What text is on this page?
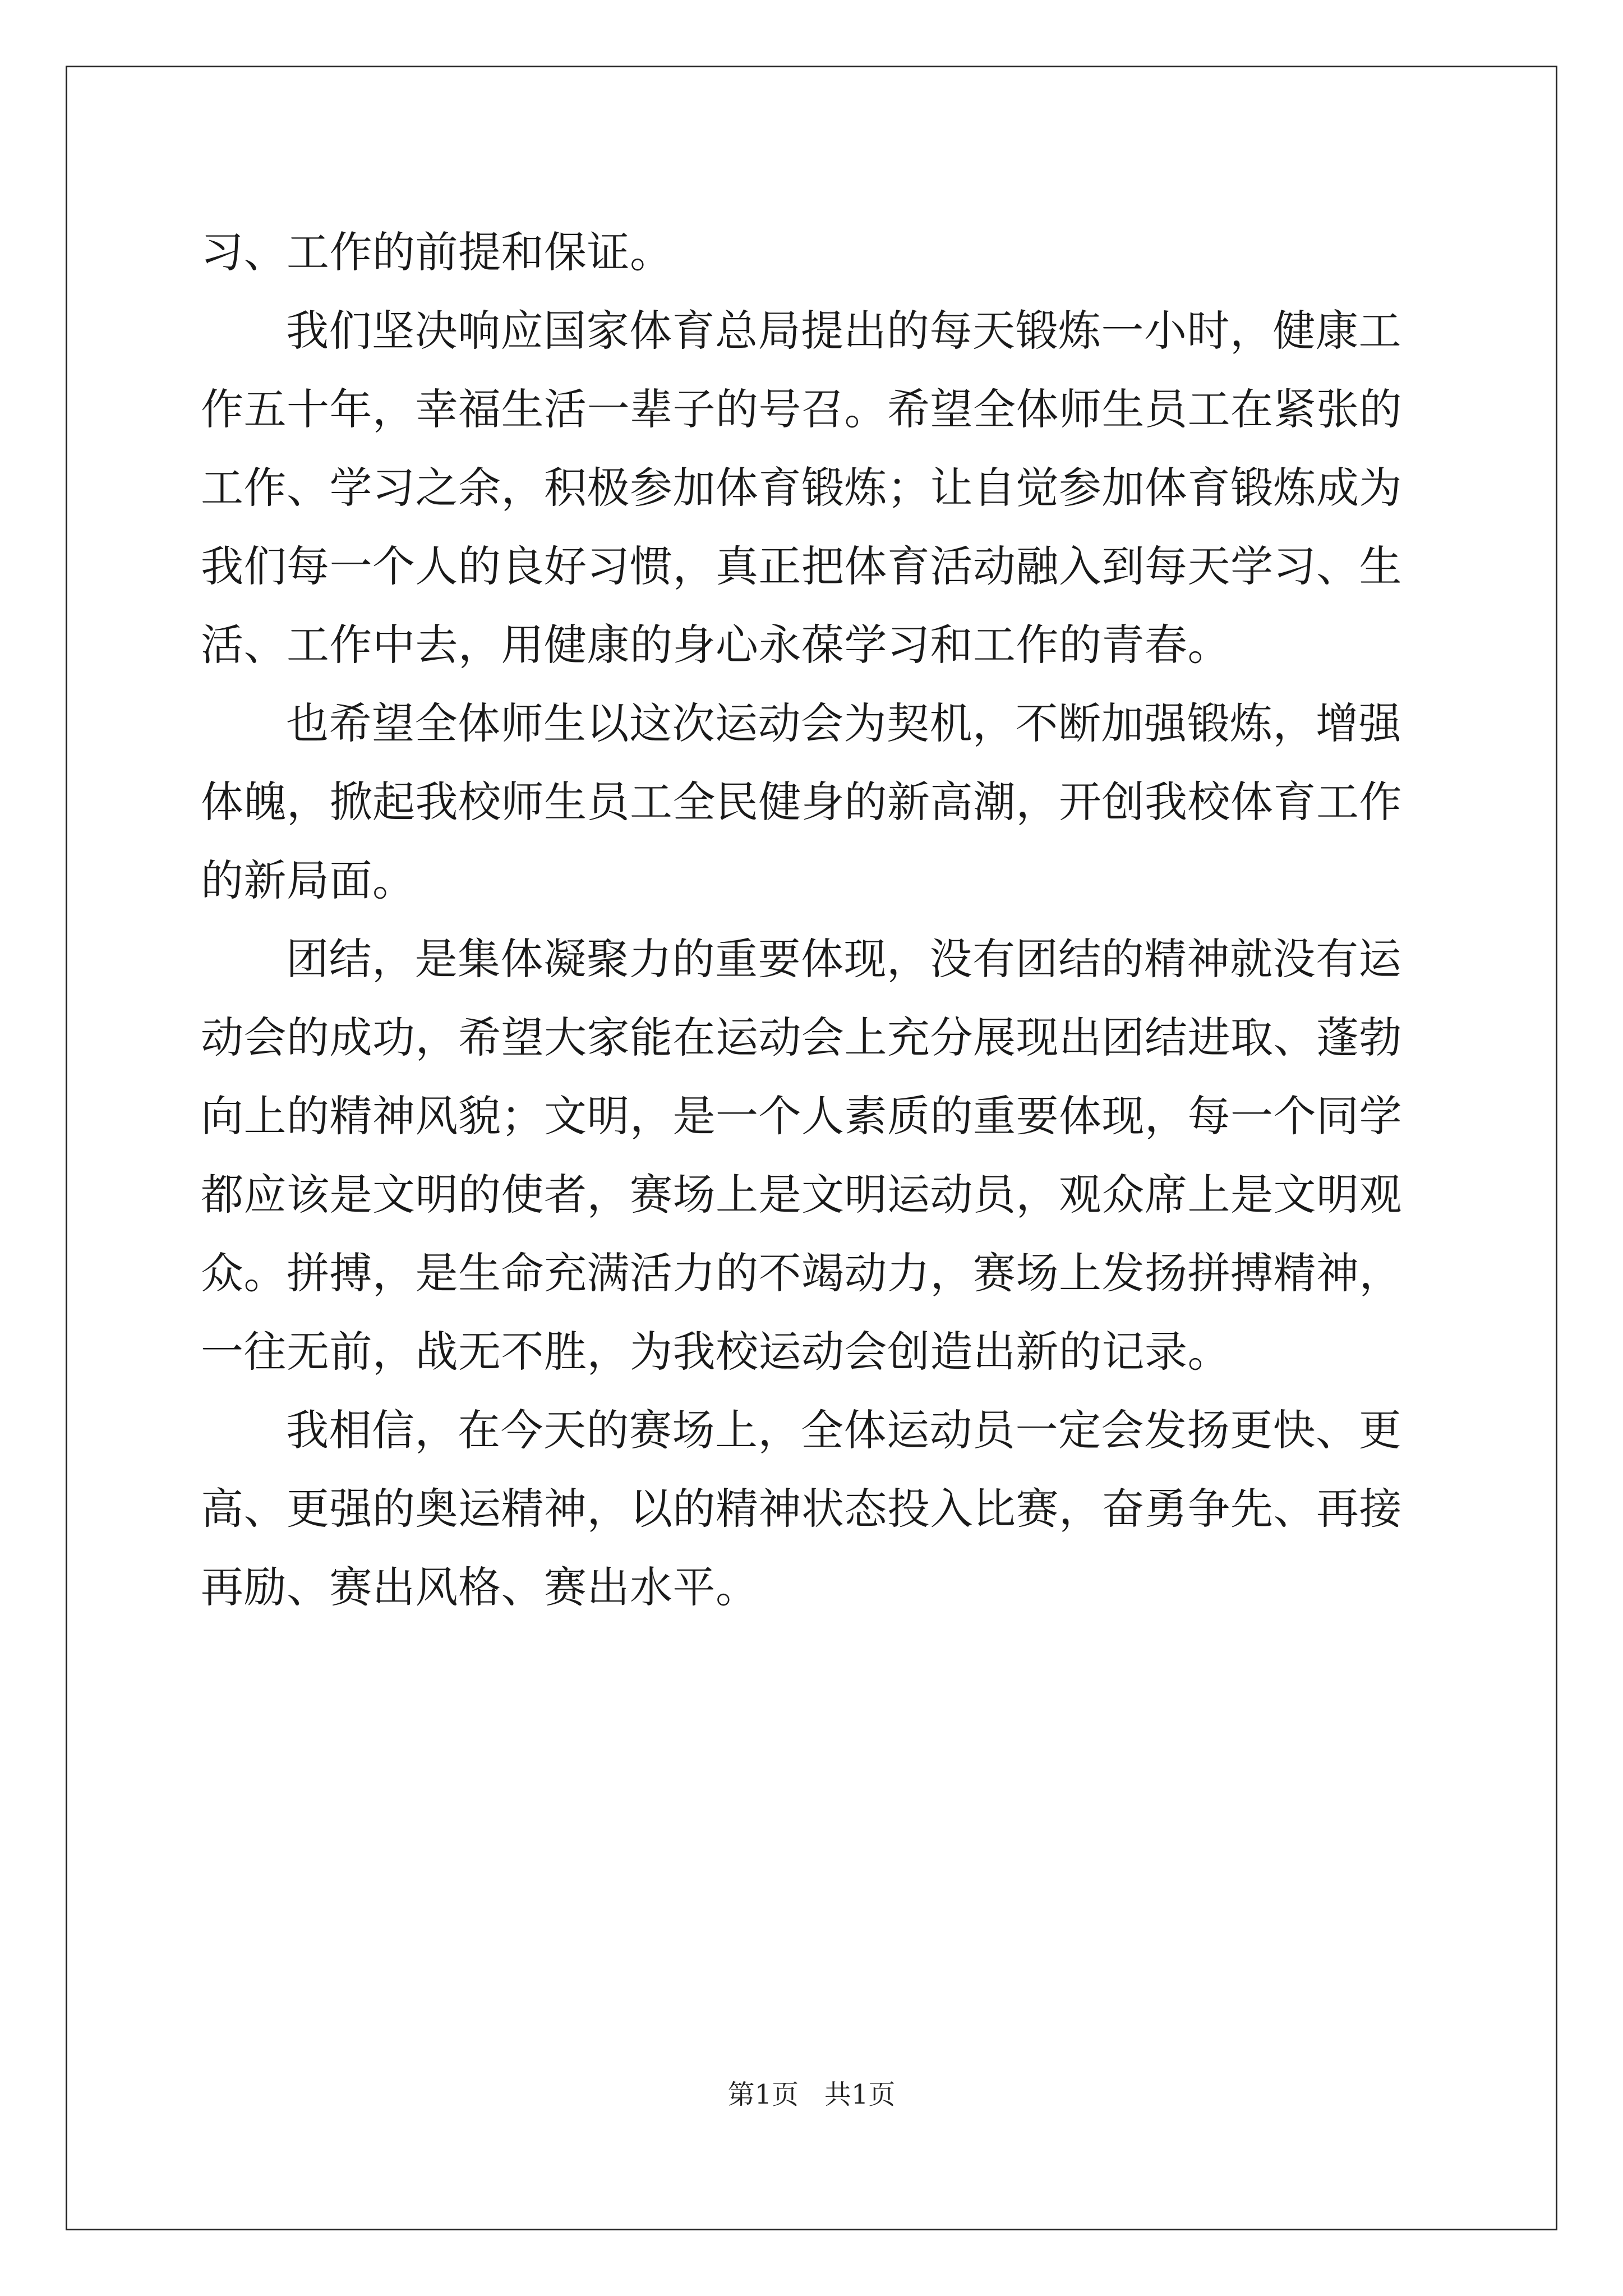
习、工作的前提和保证。

我们坚决响应国家体育总局提出的每天锻炼一小时，健康工作五十年，幸福生活一辈子的号召。希望全体师生员工在紧张的工作、学习之余，积极参加体育锻炼；让自觉参加体育锻炼成为我们每一个人的良好习惯，真正把体育活动融入到每天学习、生活、工作中去，用健康的身心永葆学习和工作的青春。

也希望全体师生以这次运动会为契机，不断加强锻炼，增强体魄，掀起我校师生员工全民健身的新高潮，开创我校体育工作的新局面。

团结，是集体凝聚力的重要体现，没有团结的精神就没有运动会的成功，希望大家能在运动会上充分展现出团结进取、蓬勃向上的精神风貌；文明，是一个人素质的重要体现，每一个同学都应该是文明的使者，赛场上是文明运动员，观众席上是文明观众。拼搏，是生命充满活力的不竭动力，赛场上发扬拼搏精神，一往无前，战无不胜，为我校运动会创造出新的记录。

我相信，在今天的赛场上，全体运动员一定会发扬更快、更高、更强的奥运精神，以的精神状态投入比赛，奋勇争先、再接再励、赛出风格、赛出水平。

第1页   共1页
